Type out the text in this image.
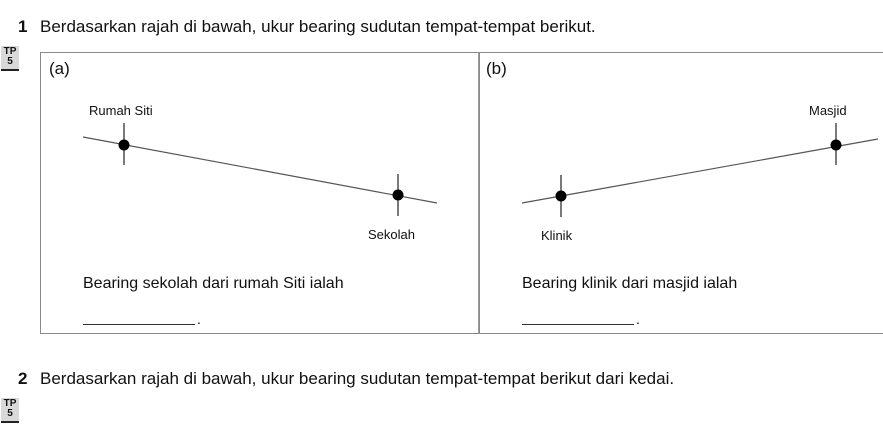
1 Berdasarkan rajah di bawah, ukur bearing sudutan tempat-tempat berikut.
TP
5	(a)
Rumah Siti
Sekolah
Bearing sekolah dari rumah Siti ialah
.
(b)
Masjid
Klinik
Bearing klinik dari masjid ialah
.
2 Berdasarkan rajah di bawah, ukur bearing sudutan tempat-tempat berikut dari kedai.
TP
5
